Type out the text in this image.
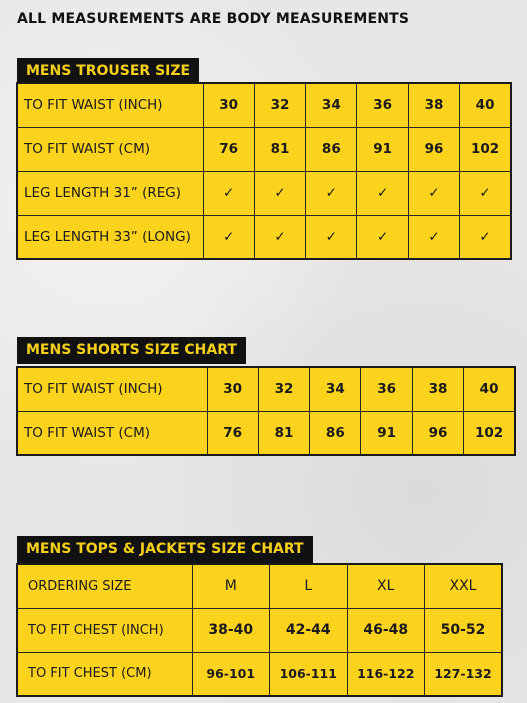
ALL MEASUREMENTS ARE BODY MEASUREMENTS
MENS TROUSER SIZE
TO FIT WAIST (INCH)	30	32	34	36	38	40
TO FIT WAIST (CM)	76	81	86	91	96	102
LEG LENGTH 31” (REG)	✓	✓	✓	✓	✓	✓
LEG LENGTH 33” (LONG)	✓	✓	✓	✓	✓	✓
MENS SHORTS SIZE CHART
TO FIT WAIST (INCH)	30	32	34	36	38	40
TO FIT WAIST (CM)	76	81	86	91	96	102
MENS TOPS & JACKETS SIZE CHART
ORDERING SIZE	M	L	XL	XXL
TO FIT CHEST (INCH)	38-40	42-44	46-48	50-52
TO FIT CHEST (CM)	96-101	106-111	116-122	127-132
